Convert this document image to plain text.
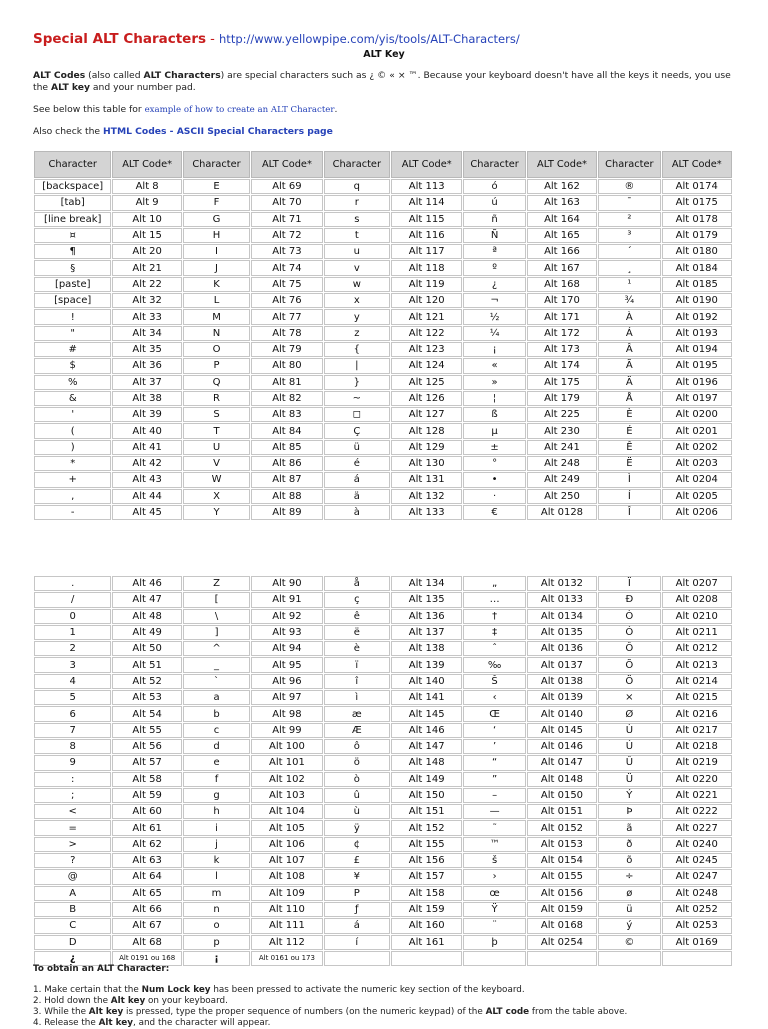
Special ALT Characters - http://www.yellowpipe.com/yis/tools/ALT-Characters/
ALT Key
ALT Codes (also called ALT Characters) are special characters such as ¿ © « × ™. Because your keyboard doesn't have all the keys it needs, you use the ALT key and your number pad.
See below this table for example of how to create an ALT Character.
Also check the HTML Codes - ASCII Special Characters page
Character	ALT Code*	Character	ALT Code*	Character	ALT Code*	Character	ALT Code*	Character	ALT Code*
[backspace]	Alt 8	E	Alt 69	q	Alt 113	ó	Alt 162	®	Alt 0174
[tab]	Alt 9	F	Alt 70	r	Alt 114	ú	Alt 163	¯	Alt 0175
[line break]	Alt 10	G	Alt 71	s	Alt 115	ñ	Alt 164	²	Alt 0178
¤	Alt 15	H	Alt 72	t	Alt 116	Ñ	Alt 165	³	Alt 0179
¶	Alt 20	I	Alt 73	u	Alt 117	ª	Alt 166	´	Alt 0180
§	Alt 21	J	Alt 74	v	Alt 118	º	Alt 167	¸	Alt 0184
[paste]	Alt 22	K	Alt 75	w	Alt 119	¿	Alt 168	¹	Alt 0185
[space]	Alt 32	L	Alt 76	x	Alt 120	¬	Alt 170	¾	Alt 0190
!	Alt 33	M	Alt 77	y	Alt 121	½	Alt 171	À	Alt 0192
"	Alt 34	N	Alt 78	z	Alt 122	¼	Alt 172	Á	Alt 0193
#	Alt 35	O	Alt 79	{	Alt 123	¡	Alt 173	Â	Alt 0194
$	Alt 36	P	Alt 80	|	Alt 124	«	Alt 174	Ã	Alt 0195
%	Alt 37	Q	Alt 81	}	Alt 125	»	Alt 175	Ä	Alt 0196
&	Alt 38	R	Alt 82	~	Alt 126	¦	Alt 179	Å	Alt 0197
'	Alt 39	S	Alt 83	◻	Alt 127	ß	Alt 225	È	Alt 0200
(	Alt 40	T	Alt 84	Ç	Alt 128	µ	Alt 230	É	Alt 0201
)	Alt 41	U	Alt 85	ü	Alt 129	±	Alt 241	Ê	Alt 0202
*	Alt 42	V	Alt 86	é	Alt 130	°	Alt 248	Ë	Alt 0203
+	Alt 43	W	Alt 87	á	Alt 131	•	Alt 249	Ì	Alt 0204
,	Alt 44	X	Alt 88	ä	Alt 132	·	Alt 250	Í	Alt 0205
-	Alt 45	Y	Alt 89	à	Alt 133	€	Alt 0128	Î	Alt 0206
.	Alt 46	Z	Alt 90	å	Alt 134	„	Alt 0132	Ï	Alt 0207
/	Alt 47	[	Alt 91	ç	Alt 135	…	Alt 0133	Ð	Alt 0208
0	Alt 48	\	Alt 92	ê	Alt 136	†	Alt 0134	Ò	Alt 0210
1	Alt 49	]	Alt 93	ë	Alt 137	‡	Alt 0135	Ó	Alt 0211
2	Alt 50	^	Alt 94	è	Alt 138	ˆ	Alt 0136	Ô	Alt 0212
3	Alt 51	_	Alt 95	ï	Alt 139	‰	Alt 0137	Õ	Alt 0213
4	Alt 52	`	Alt 96	î	Alt 140	Š	Alt 0138	Ö	Alt 0214
5	Alt 53	a	Alt 97	ì	Alt 141	‹	Alt 0139	×	Alt 0215
6	Alt 54	b	Alt 98	æ	Alt 145	Œ	Alt 0140	Ø	Alt 0216
7	Alt 55	c	Alt 99	Æ	Alt 146	‘	Alt 0145	Ù	Alt 0217
8	Alt 56	d	Alt 100	ô	Alt 147	’	Alt 0146	Ú	Alt 0218
9	Alt 57	e	Alt 101	ö	Alt 148	“	Alt 0147	Û	Alt 0219
:	Alt 58	f	Alt 102	ò	Alt 149	”	Alt 0148	Ü	Alt 0220
;	Alt 59	g	Alt 103	û	Alt 150	–	Alt 0150	Ý	Alt 0221
<	Alt 60	h	Alt 104	ù	Alt 151	—	Alt 0151	Þ	Alt 0222
=	Alt 61	i	Alt 105	ÿ	Alt 152	˜	Alt 0152	ã	Alt 0227
>	Alt 62	j	Alt 106	¢	Alt 155	™	Alt 0153	ð	Alt 0240
?	Alt 63	k	Alt 107	£	Alt 156	š	Alt 0154	õ	Alt 0245
@	Alt 64	l	Alt 108	¥	Alt 157	›	Alt 0155	÷	Alt 0247
A	Alt 65	m	Alt 109	P	Alt 158	œ	Alt 0156	ø	Alt 0248
B	Alt 66	n	Alt 110	ƒ	Alt 159	Ÿ	Alt 0159	ü	Alt 0252
C	Alt 67	o	Alt 111	á	Alt 160	¨	Alt 0168	ý	Alt 0253
D	Alt 68	p	Alt 112	í	Alt 161	þ	Alt 0254	©	Alt 0169
¿	Alt 0191 ou 168	¡	Alt 0161 ou 173						
To obtain an ALT Character:
1. Make certain that the Num Lock key has been pressed to activate the numeric key section of the keyboard.
2. Hold down the Alt key on your keyboard.
3. While the Alt key is pressed, type the proper sequence of numbers (on the numeric keypad) of the ALT code from the table above.
4. Release the Alt key, and the character will appear.
